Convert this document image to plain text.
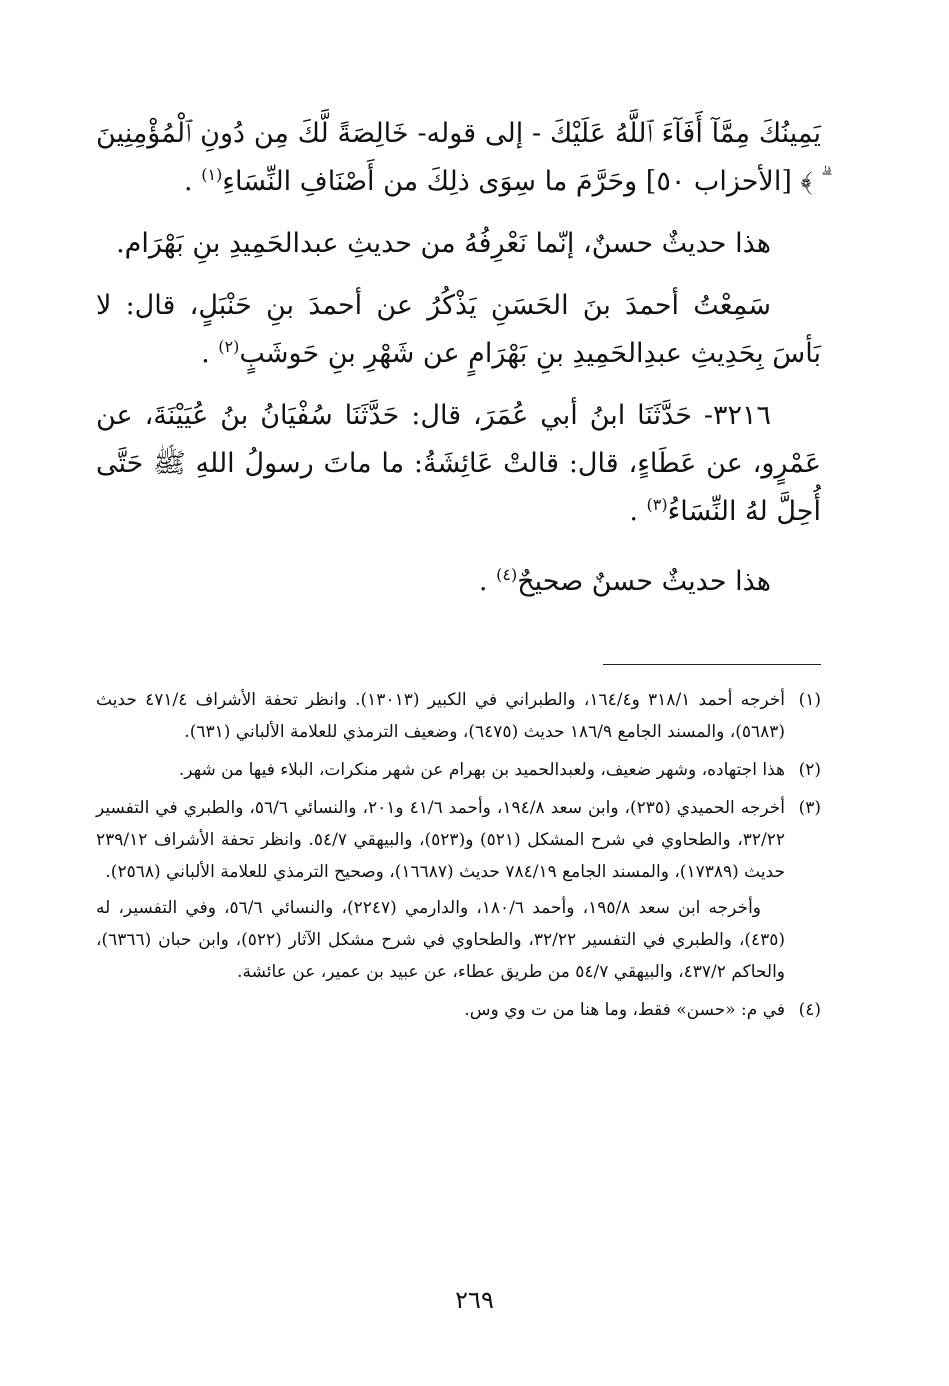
يَمِينُكَ مِمَّآ أَفَآءَ ٱللَّهُ عَلَيْكَ - إلى قوله- خَالِصَةً لَّكَ مِن دُونِ ٱلْمُؤْمِنِينَ ۗ ﴾ [الأحزاب ٥٠] وحَرَّمَ ما سِوَى ذلِكَ من أَصْنَافِ النِّسَاءِ$^{(١)}$ .

هذا حديثٌ حسنٌ، إنّما نَعْرِفُهُ من حديثِ عبدالحَمِيدِ بنِ بَهْرَام.

سَمِعْتُ أحمدَ بنَ الحَسَنِ يَذْكُرُ عن أحمدَ بنِ حَنْبَلٍ، قال: لا بَأسَ بِحَدِيثِ عبدِالحَمِيدِ بنِ بَهْرَامٍ عن شَهْرِ بنِ حَوشَبٍ$^{(٢)}$ .

٣٢١٦- حَدَّثَنَا ابنُ أبي عُمَرَ، قال: حَدَّثَنَا سُفْيَانُ بنُ عُيَيْنَةَ، عن عَمْرٍو، عن عَطَاءٍ، قال: قالتْ عَائِشَةُ: ما ماتَ رسولُ اللهِ ﷺ حَتَّى أُحِلَّ لهُ النِّسَاءُ$^{(٣)}$ .

هذا حديثٌ حسنٌ صحيحٌ$^{(٤)}$ .

(١)

أخرجه أحمد ٣١٨/١ و١٦٤/٤، والطبراني في الكبير (١٣٠١٣). وانظر تحفة الأشراف ٤٧١/٤ حديث (٥٦٨٣)، والمسند الجامع ١٨٦/٩ حديث (٦٤٧٥)، وضعيف الترمذي للعلامة الألباني (٦٣١).

(٢)

هذا اجتهاده، وشهر ضعيف، ولعبدالحميد بن بهرام عن شهر منكرات، البلاء فيها من شهر.

(٣)

أخرجه الحميدي (٢٣٥)، وابن سعد ١٩٤/٨، وأحمد ٤١/٦ و٢٠١، والنسائي ٥٦/٦، والطبري في التفسير ٣٢/٢٢، والطحاوي في شرح المشكل (٥٢١) و(٥٢٣)، والبيهقي ٥٤/٧. وانظر تحفة الأشراف ٢٣٩/١٢ حديث (١٧٣٨٩)، والمسند الجامع ٧٨٤/١٩ حديث (١٦٦٨٧)، وصحيح الترمذي للعلامة الألباني (٢٥٦٨).

وأخرجه ابن سعد ١٩٥/٨، وأحمد ١٨٠/٦، والدارمي (٢٢٤٧)، والنسائي ٥٦/٦، وفي التفسير، له (٤٣٥)، والطبري في التفسير ٣٢/٢٢، والطحاوي في شرح مشكل الآثار (٥٢٢)، وابن حبان (٦٣٦٦)، والحاكم ٤٣٧/٢، والبيهقي ٥٤/٧ من طريق عطاء، عن عبيد بن عمير، عن عائشة.

(٤)

في م: «حسن» فقط، وما هنا من ت وي وس.

٢٦٩
